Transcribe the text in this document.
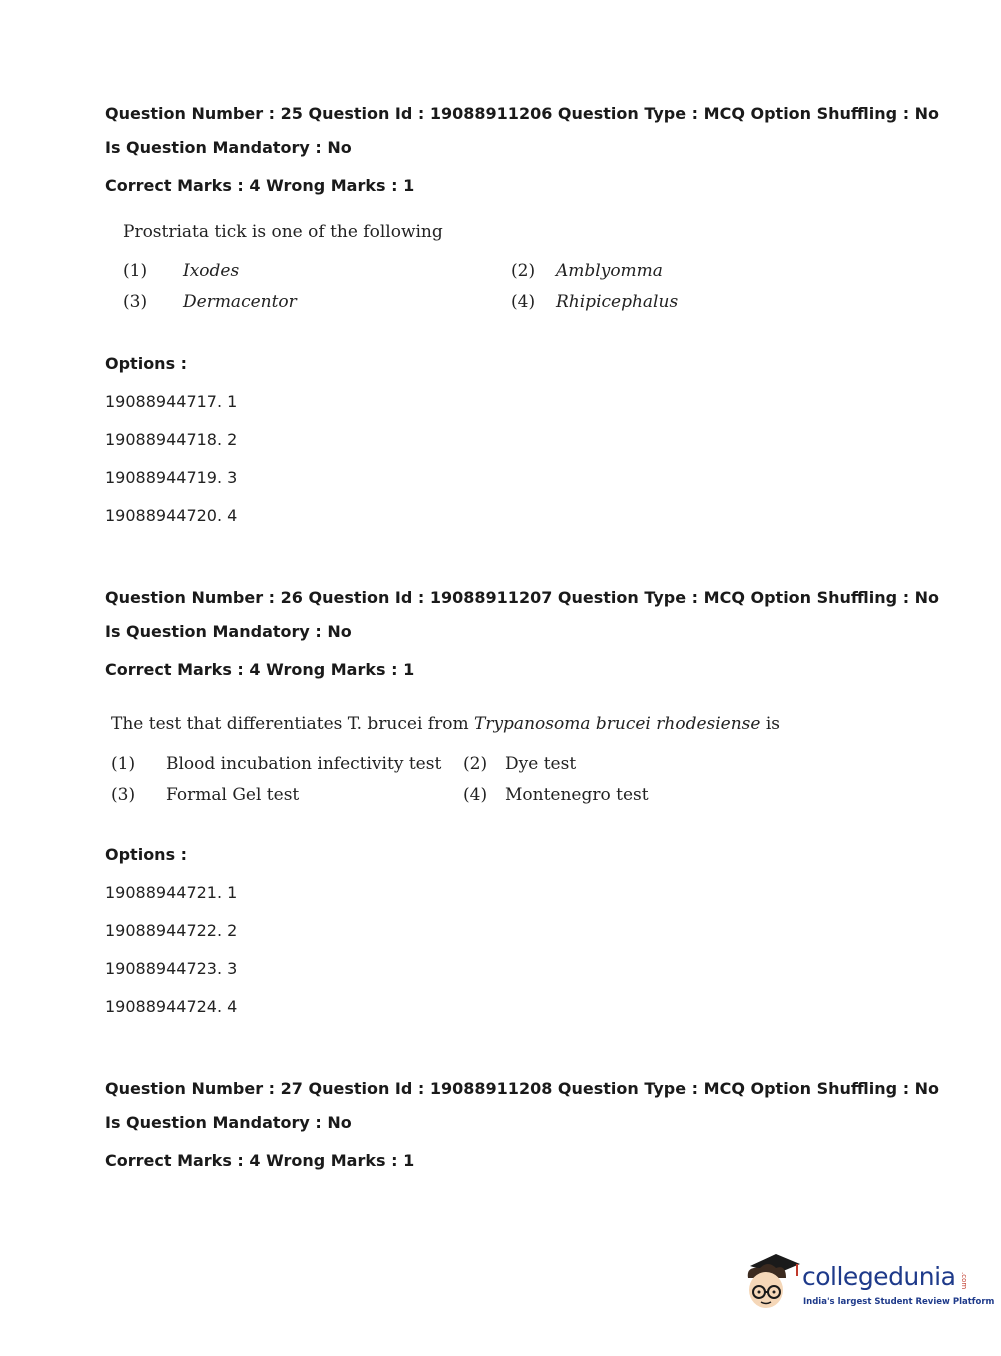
Question Number : 25 Question Id : 19088911206 Question Type : MCQ Option Shuffling : No
Is Question Mandatory : No
Correct Marks : 4 Wrong Marks : 1
Prostriata tick is one of the following
(1) Ixodes	(2) Amblyomma
(3) Dermacentor	(4) Rhipicephalus
Options :
19088944717. 1
19088944718. 2
19088944719. 3
19088944720. 4
Question Number : 26 Question Id : 19088911207 Question Type : MCQ Option Shuffling : No
Is Question Mandatory : No
Correct Marks : 4 Wrong Marks : 1
The test that differentiates T. brucei from Trypanosoma brucei rhodesiense is
(1) Blood incubation infectivity test (2) Dye test
(3) Formal Gel test	(4) Montenegro test
Options :
19088944721. 1
19088944722. 2
19088944723. 3
19088944724. 4
Question Number : 27 Question Id : 19088911208 Question Type : MCQ Option Shuffling : No
Is Question Mandatory : No
Correct Marks : 4 Wrong Marks : 1
collegedunia .com
India's largest Student Review Platform
